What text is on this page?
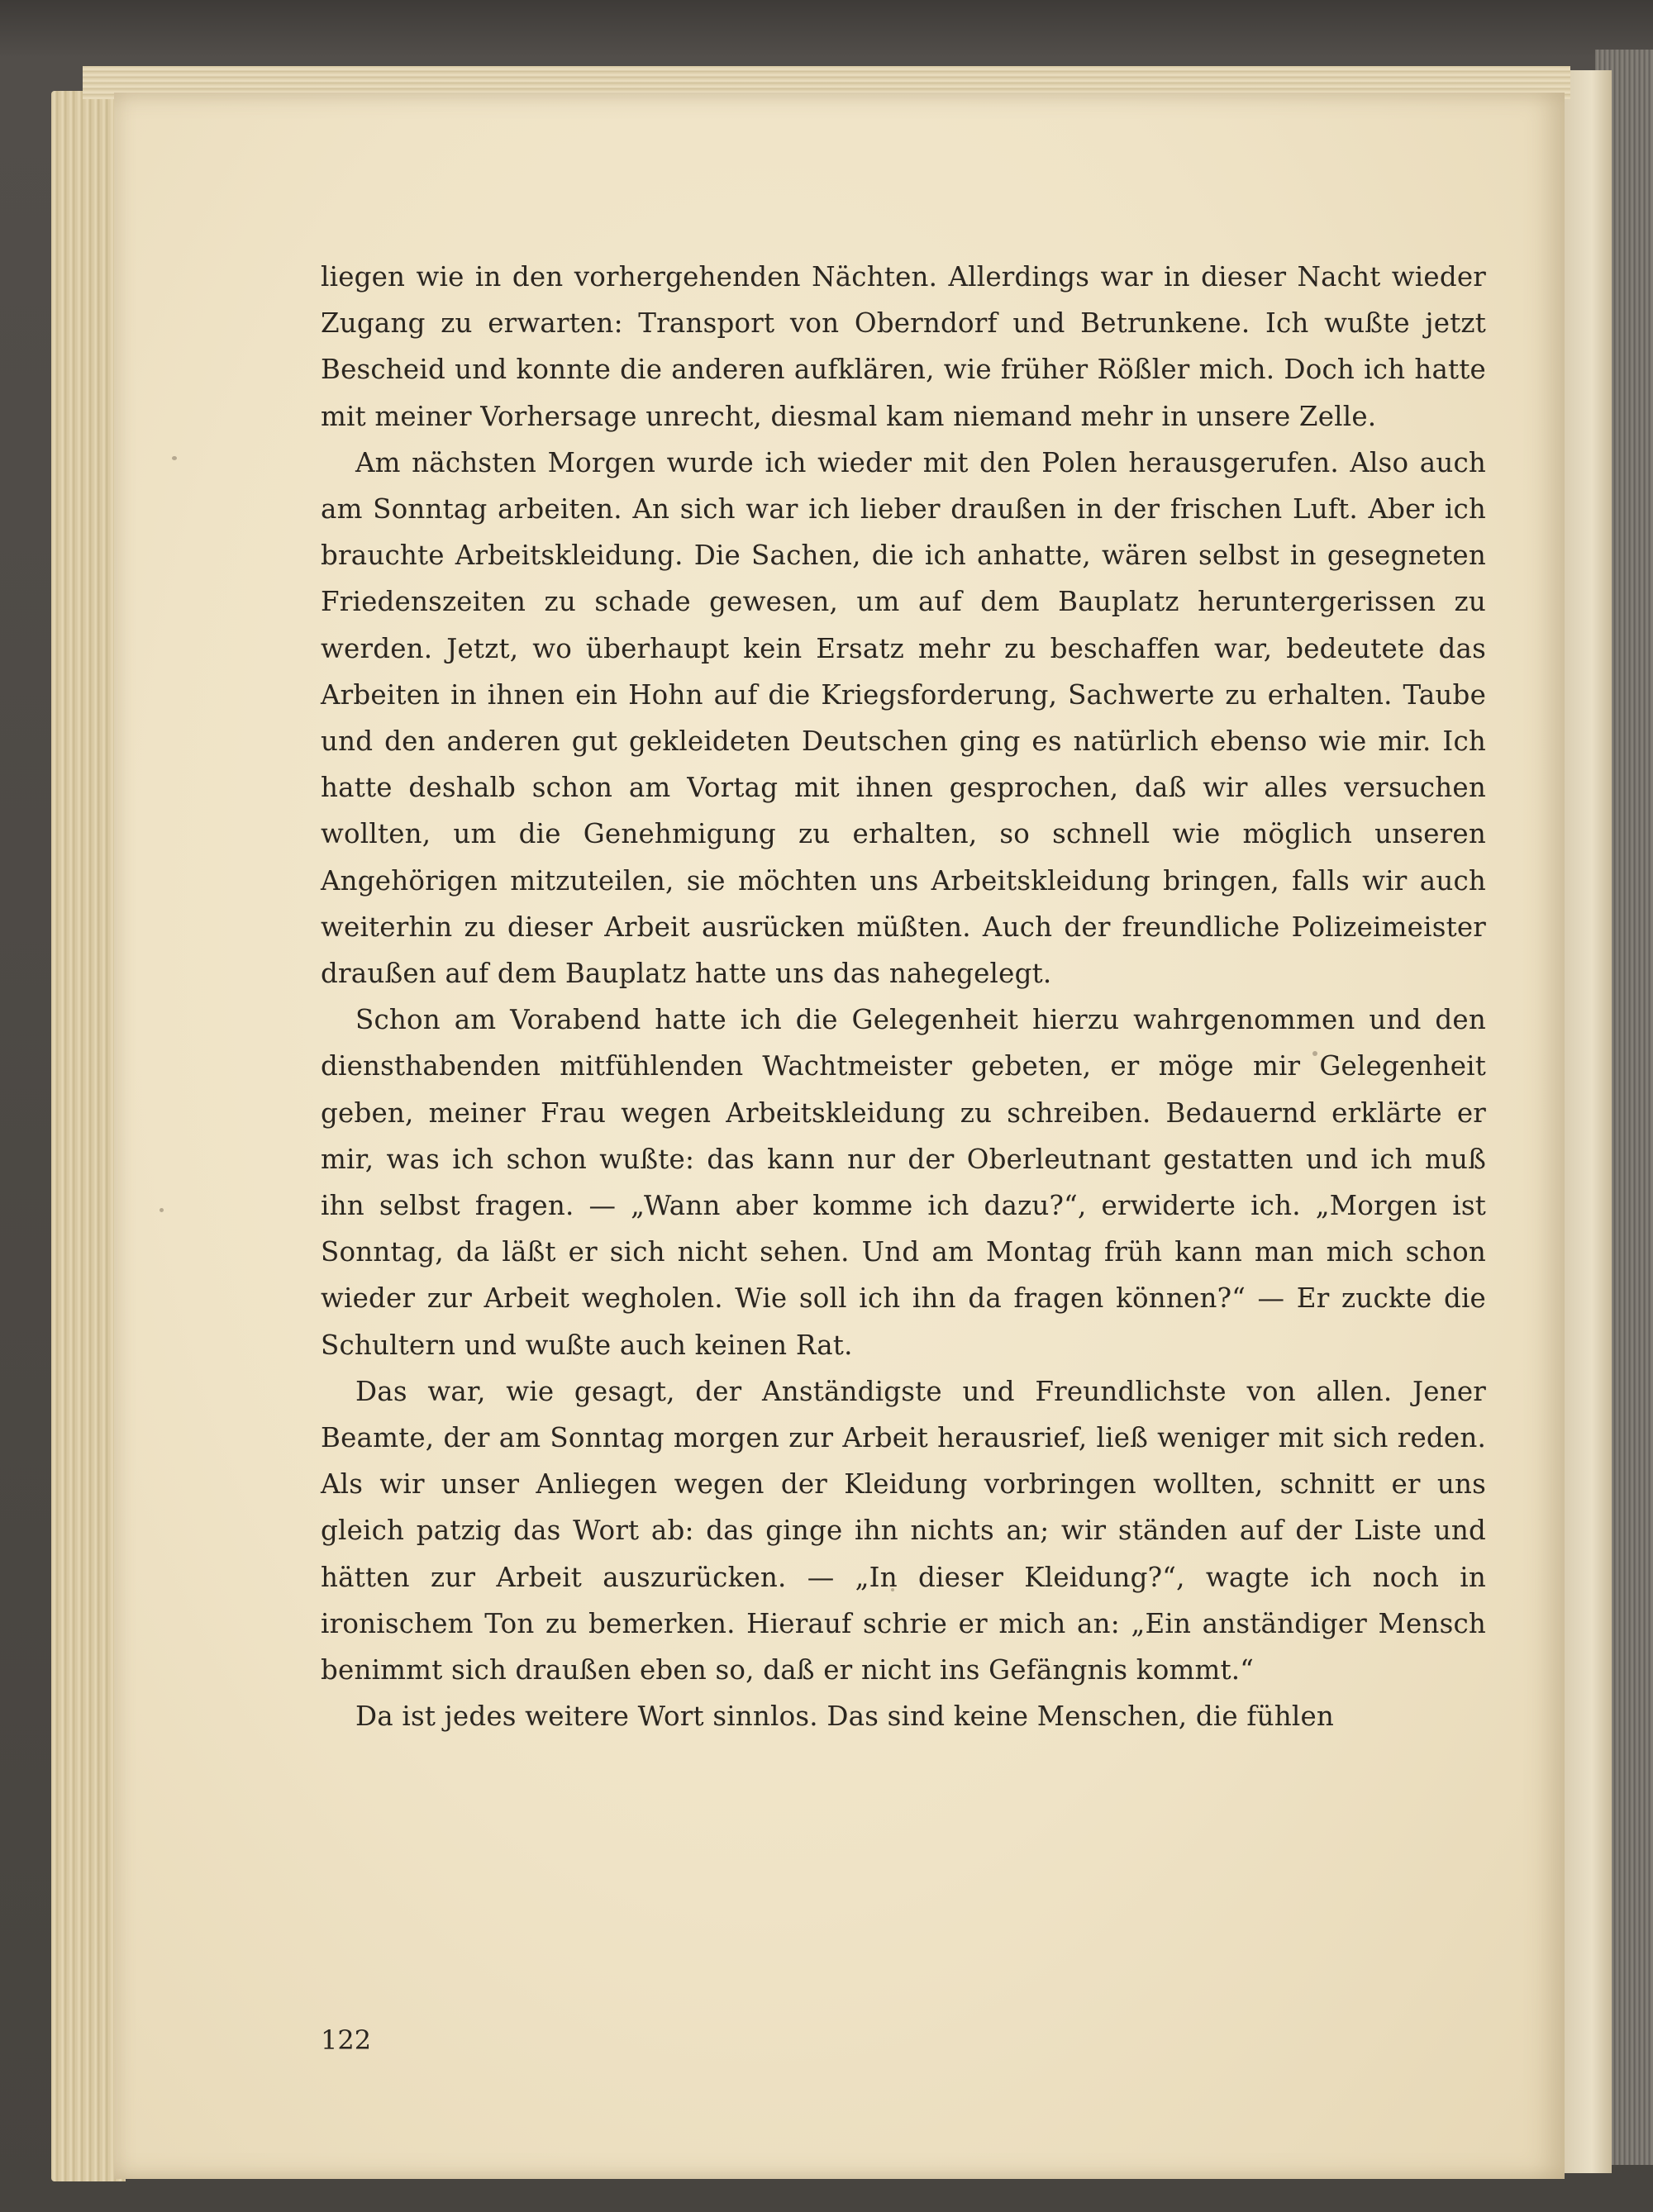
liegen wie in den vorhergehenden Nächten. Allerdings war in dieser Nacht wieder Zugang zu erwarten: Transport von Oberndorf und Betrunkene. Ich wußte jetzt Bescheid und konnte die anderen aufklären, wie früher Rößler mich. Doch ich hatte mit meiner Vorhersage unrecht, diesmal kam niemand mehr in unsere Zelle.

Am nächsten Morgen wurde ich wieder mit den Polen herausgerufen. Also auch am Sonntag arbeiten. An sich war ich lieber draußen in der frischen Luft. Aber ich brauchte Arbeitskleidung. Die Sachen, die ich anhatte, wären selbst in gesegneten Friedenszeiten zu schade gewesen, um auf dem Bauplatz heruntergerissen zu werden. Jetzt, wo überhaupt kein Ersatz mehr zu beschaffen war, bedeutete das Arbeiten in ihnen ein Hohn auf die Kriegsforderung, Sachwerte zu erhalten. Taube und den anderen gut gekleideten Deutschen ging es natürlich ebenso wie mir. Ich hatte deshalb schon am Vortag mit ihnen gesprochen, daß wir alles versuchen wollten, um die Genehmigung zu erhalten, so schnell wie möglich unseren Angehörigen mitzuteilen, sie möchten uns Arbeitskleidung bringen, falls wir auch weiterhin zu dieser Arbeit ausrücken müßten. Auch der freundliche Polizeimeister draußen auf dem Bauplatz hatte uns das nahegelegt.

Schon am Vorabend hatte ich die Gelegenheit hierzu wahrgenommen und den diensthabenden mitfühlenden Wachtmeister gebeten, er möge mir Gelegenheit geben, meiner Frau wegen Arbeitskleidung zu schreiben. Bedauernd erklärte er mir, was ich schon wußte: das kann nur der Oberleutnant gestatten und ich muß ihn selbst fragen. — „Wann aber komme ich dazu?“, erwiderte ich. „Morgen ist Sonntag, da läßt er sich nicht sehen. Und am Montag früh kann man mich schon wieder zur Arbeit wegholen. Wie soll ich ihn da fragen können?“ — Er zuckte die Schultern und wußte auch keinen Rat.

Das war, wie gesagt, der Anständigste und Freundlichste von allen. Jener Beamte, der am Sonntag morgen zur Arbeit herausrief, ließ weniger mit sich reden. Als wir unser Anliegen wegen der Kleidung vorbringen wollten, schnitt er uns gleich patzig das Wort ab: das ginge ihn nichts an; wir ständen auf der Liste und hätten zur Arbeit auszurücken. — „In dieser Kleidung?“, wagte ich noch in ironischem Ton zu bemerken. Hierauf schrie er mich an: „Ein anständiger Mensch benimmt sich draußen eben so, daß er nicht ins Gefängnis kommt.“

Da ist jedes weitere Wort sinnlos. Das sind keine Menschen, die fühlen

122
